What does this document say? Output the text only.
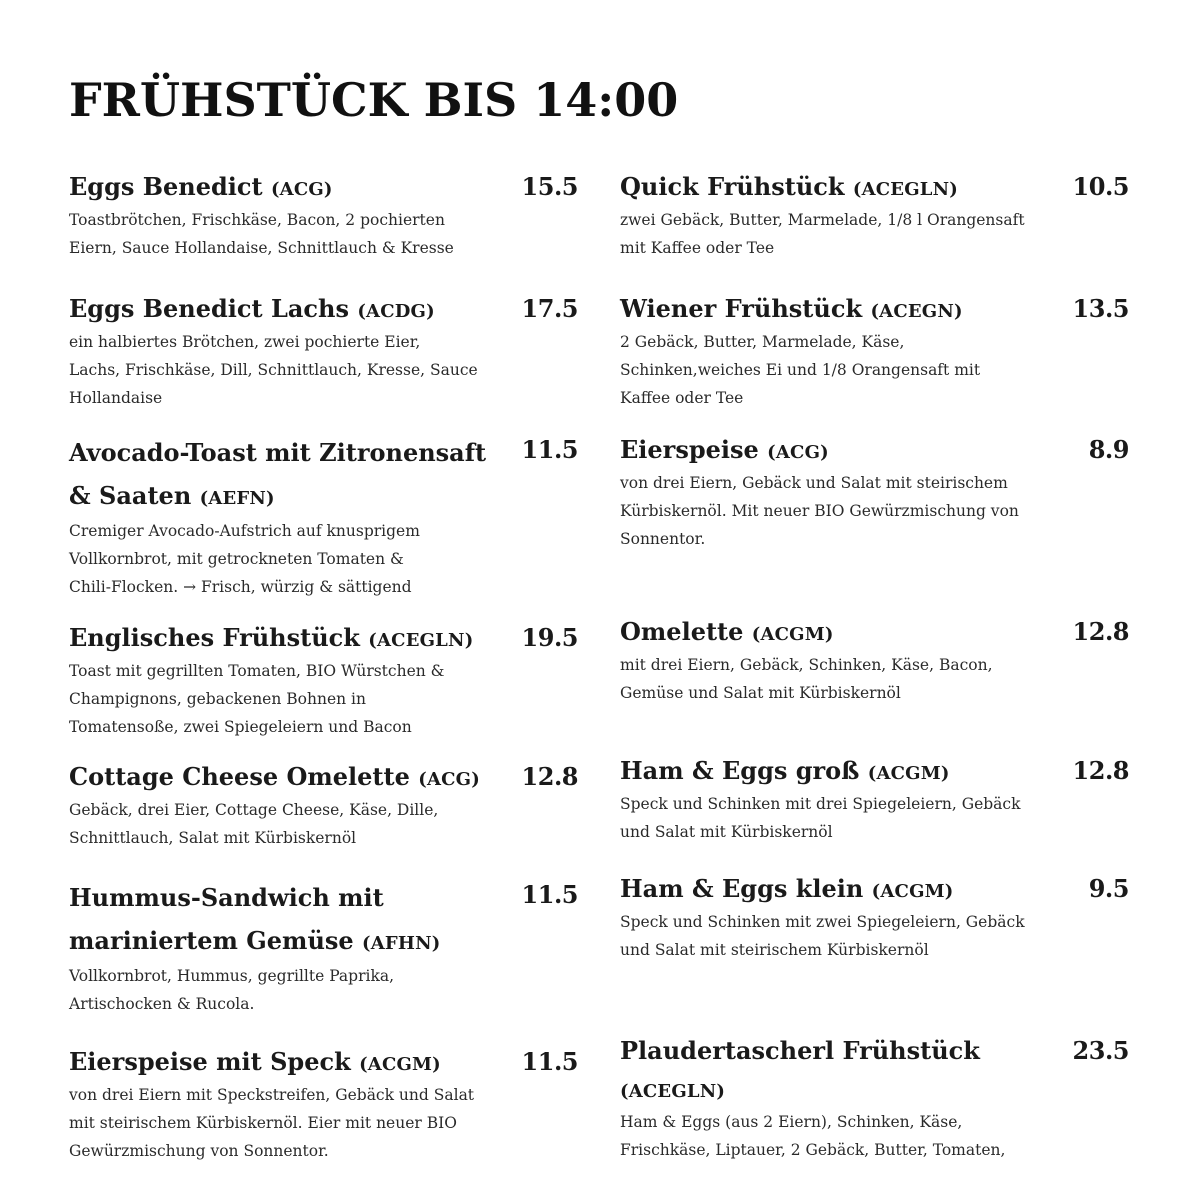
FRÜHSTÜCK BIS 14:00
Eggs Benedict (ACG)	15.5
Toastbrötchen, Frischkäse, Bacon, 2 pochierten
Eiern, Sauce Hollandaise, Schnittlauch & Kresse
Eggs Benedict Lachs (ACDG)	17.5
ein halbiertes Brötchen, zwei pochierte Eier,
Lachs, Frischkäse, Dill, Schnittlauch, Kresse, Sauce
Hollandaise
Avocado-Toast mit Zitronensaft & Saaten (AEFN)
11.5
Cremiger Avocado-Aufstrich auf knusprigem
Vollkornbrot, mit getrockneten Tomaten &
Chili-Flocken. → Frisch, würzig & sättigend
Englisches Frühstück (ACEGLN) 19.5
Toast mit gegrillten Tomaten, BIO Würstchen &
Champignons, gebackenen Bohnen in
Tomatensoße, zwei Spiegeleiern und Bacon
Cottage Cheese Omelette (ACG) 12.8
Gebäck, drei Eier, Cottage Cheese, Käse, Dille,
Schnittlauch, Salat mit Kürbiskernöl
Hummus-Sandwich mit mariniertem Gemüse (AFHN)
11.5
Vollkornbrot, Hummus, gegrillte Paprika,
Artischocken & Rucola.
Eierspeise mit Speck (ACGM)	11.5
von drei Eiern mit Speckstreifen, Gebäck und Salat
mit steirischem Kürbiskernöl. Eier mit neuer BIO
Gewürzmischung von Sonnentor.
Quick Frühstück (ACEGLN)	10.5
zwei Gebäck, Butter, Marmelade, 1/8 l Orangensaft
mit Kaffee oder Tee
Wiener Frühstück (ACEGN)	13.5
2 Gebäck, Butter, Marmelade, Käse,
Schinken,weiches Ei und 1/8 Orangensaft mit
Kaffee oder Tee
Eierspeise (ACG)	8.9
von drei Eiern, Gebäck und Salat mit steirischem
Kürbiskernöl. Mit neuer BIO Gewürzmischung von
Sonnentor.
Omelette (ACGM)	12.8
mit drei Eiern, Gebäck, Schinken, Käse, Bacon,
Gemüse und Salat mit Kürbiskernöl
Ham & Eggs groß (ACGM)	12.8
Speck und Schinken mit drei Spiegeleiern, Gebäck
und Salat mit Kürbiskernöl
Ham & Eggs klein (ACGM)	9.5
Speck und Schinken mit zwei Spiegeleiern, Gebäck
und Salat mit steirischem Kürbiskernöl
Plaudertascherl Frühstück (ACEGLN)
23.5
Ham & Eggs (aus 2 Eiern), Schinken, Käse,
Frischkäse, Liptauer, 2 Gebäck, Butter, Tomaten,
